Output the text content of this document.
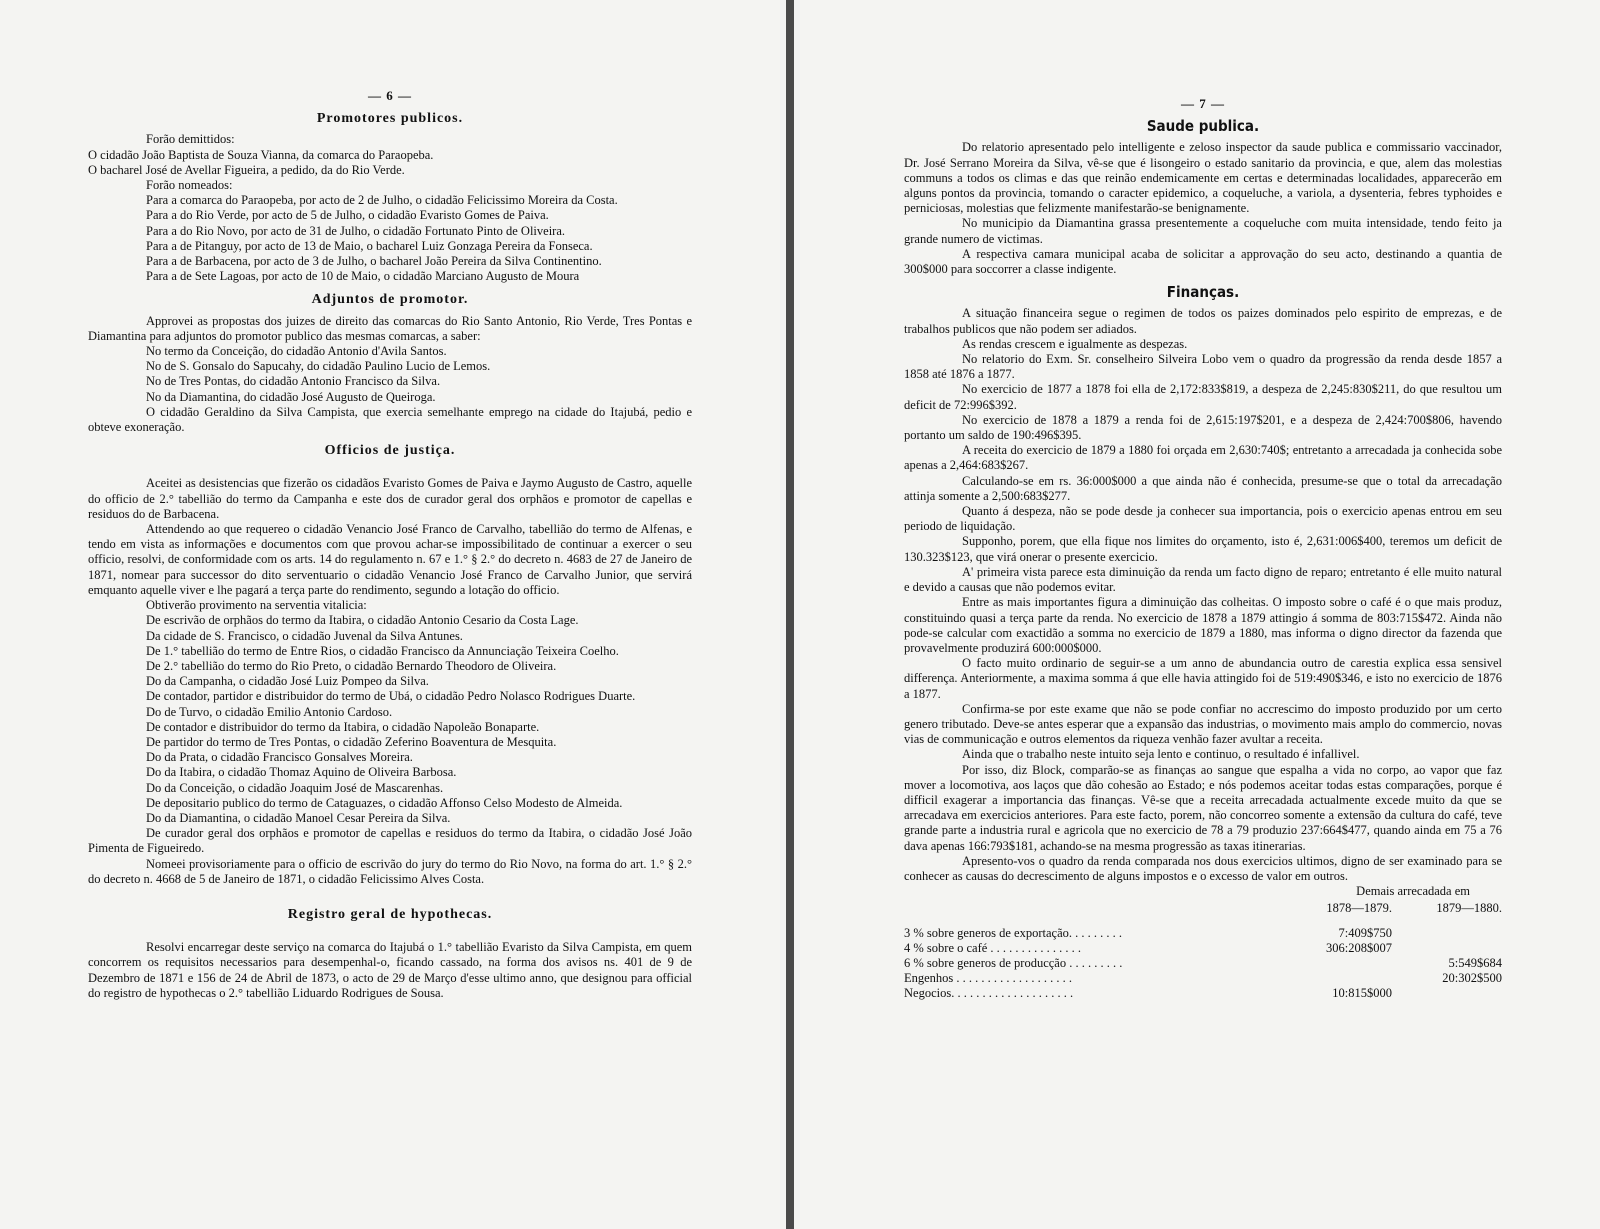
— 6 —
Promotores publicos.

Forão demittidos:

O cidadão João Baptista de Souza Vianna, da comarca do Paraopeba.

O bacharel José de Avellar Figueira, a pedido, da do Rio Verde.

Forão nomeados:

Para a comarca do Paraopeba, por acto de 2 de Julho, o cidadão Felicissimo Moreira da Costa.

Para a do Rio Verde, por acto de 5 de Julho, o cidadão Evaristo Gomes de Paiva.

Para a do Rio Novo, por acto de 31 de Julho, o cidadão Fortunato Pinto de Oliveira.

Para a de Pitanguy, por acto de 13 de Maio, o bacharel Luiz Gonzaga Pereira da Fonseca.

Para a de Barbacena, por acto de 3 de Julho, o bacharel João Pereira da Silva Continentino.

Para a de Sete Lagoas, por acto de 10 de Maio, o cidadão Marciano Augusto de Moura

Adjuntos de promotor.

Approvei as propostas dos juizes de direito das comarcas do Rio Santo Antonio, Rio Verde, Tres Pontas e Diamantina para adjuntos do promotor publico das mesmas comarcas, a saber:

No termo da Conceição, do cidadão Antonio d'Avila Santos.

No de S. Gonsalo do Sapucahy, do cidadão Paulino Lucio de Lemos.

No de Tres Pontas, do cidadão Antonio Francisco da Silva.

No da Diamantina, do cidadão José Augusto de Queiroga.

O cidadão Geraldino da Silva Campista, que exercia semelhante emprego na cidade do Itajubá, pedio e obteve exoneração.

Officios de justiça.

Aceitei as desistencias que fizerão os cidadãos Evaristo Gomes de Paiva e Jaymo Augusto de Castro, aquelle do officio de 2.° tabellião do termo da Campanha e este dos de curador geral dos orphãos e promotor de capellas e residuos do de Barbacena.

Attendendo ao que requereo o cidadão Venancio José Franco de Carvalho, tabellião do termo de Alfenas, e tendo em vista as informações e documentos com que provou achar-se impossibilitado de continuar a exercer o seu officio, resolvi, de conformidade com os arts. 14 do regulamento n. 67 e 1.° § 2.° do decreto n. 4683 de 27 de Janeiro de 1871, nomear para successor do dito serventuario o cidadão Venancio José Franco de Carvalho Junior, que servirá emquanto aquelle viver e lhe pagará a terça parte do rendimento, segundo a lotação do officio.

Obtiverão provimento na serventia vitalicia:

De escrivão de orphãos do termo da Itabira, o cidadão Antonio Cesario da Costa Lage.

Da cidade de S. Francisco, o cidadão Juvenal da Silva Antunes.

De 1.° tabellião do termo de Entre Rios, o cidadão Francisco da Annunciação Teixeira Coelho.

De 2.° tabellião do termo do Rio Preto, o cidadão Bernardo Theodoro de Oliveira.

Do da Campanha, o cidadão José Luiz Pompeo da Silva.

De contador, partidor e distribuidor do termo de Ubá, o cidadão Pedro Nolasco Rodrigues Duarte.

Do de Turvo, o cidadão Emilio Antonio Cardoso.

De contador e distribuidor do termo da Itabira, o cidadão Napoleão Bonaparte.

De partidor do termo de Tres Pontas, o cidadão Zeferino Boaventura de Mesquita.

Do da Prata, o cidadão Francisco Gonsalves Moreira.

Do da Itabira, o cidadão Thomaz Aquino de Oliveira Barbosa.

Do da Conceição, o cidadão Joaquim José de Mascarenhas.

De depositario publico do termo de Cataguazes, o cidadão Affonso Celso Modesto de Almeida.

Do da Diamantina, o cidadão Manoel Cesar Pereira da Silva.

De curador geral dos orphãos e promotor de capellas e residuos do termo da Itabira, o cidadão José João Pimenta de Figueiredo.

Nomeei provisoriamente para o officio de escrivão do jury do termo do Rio Novo, na forma do art. 1.° § 2.° do decreto n. 4668 de 5 de Janeiro de 1871, o cidadão Felicissimo Alves Costa.

Registro geral de hypothecas.

Resolvi encarregar deste serviço na comarca do Itajubá o 1.° tabellião Evaristo da Silva Campista, em quem concorrem os requisitos necessarios para desempenhal-o, ficando cassado, na forma dos avisos ns. 401 de 9 de Dezembro de 1871 e 156 de 24 de Abril de 1873, o acto de 29 de Março d'esse ultimo anno, que designou para official do registro de hypothecas o 2.° tabellião Liduardo Rodrigues de Sousa.

— 7 —
Saude publica.

Do relatorio apresentado pelo intelligente e zeloso inspector da saude publica e commissario vaccinador, Dr. José Serrano Moreira da Silva, vê-se que é lisongeiro o estado sanitario da provincia, e que, alem das molestias communs a todos os climas e das que reinão endemicamente em certas e determinadas localidades, apparecerão em alguns pontos da provincia, tomando o caracter epidemico, a coqueluche, a variola, a dysenteria, febres typhoides e perniciosas, molestias que felizmente manifestarão-se benignamente.

No municipio da Diamantina grassa presentemente a coqueluche com muita intensidade, tendo feito ja grande numero de victimas.

A respectiva camara municipal acaba de solicitar a approvação do seu acto, destinando a quantia de 300$000 para soccorrer a classe indigente.

Finanças.

A situação financeira segue o regimen de todos os paizes dominados pelo espirito de emprezas, e de trabalhos publicos que não podem ser adiados.

As rendas crescem e igualmente as despezas.

No relatorio do Exm. Sr. conselheiro Silveira Lobo vem o quadro da progressão da renda desde 1857 a 1858 até 1876 a 1877.

No exercicio de 1877 a 1878 foi ella de 2,172:833$819, a despeza de 2,245:830$211, do que resultou um deficit de 72:996$392.

No exercicio de 1878 a 1879 a renda foi de 2,615:197$201, e a despeza de 2,424:700$806, havendo portanto um saldo de 190:496$395.

A receita do exercicio de 1879 a 1880 foi orçada em 2,630:740$; entretanto a arrecadada ja conhecida sobe apenas a 2,464:683$267.

Calculando-se em rs. 36:000$000 a que ainda não é conhecida, presume-se que o total da arrecadação attinja somente a 2,500:683$277.

Quanto á despeza, não se pode desde ja conhecer sua importancia, pois o exercicio apenas entrou em seu periodo de liquidação.

Supponho, porem, que ella fique nos limites do orçamento, isto é, 2,631:006$400, teremos um deficit de 130.323$123, que virá onerar o presente exercicio.

A' primeira vista parece esta diminuição da renda um facto digno de reparo; entretanto é elle muito natural e devido a causas que não podemos evitar.

Entre as mais importantes figura a diminuição das colheitas. O imposto sobre o café é o que mais produz, constituindo quasi a terça parte da renda. No exercicio de 1878 a 1879 attingio á somma de 803:715$472. Ainda não pode-se calcular com exactidão a somma no exercicio de 1879 a 1880, mas informa o digno director da fazenda que provavelmente produzirá 600:000$000.

O facto muito ordinario de seguir-se a um anno de abundancia outro de carestia explica essa sensivel differença. Anteriormente, a maxima somma á que elle havia attingido foi de 519:490$346, e isto no exercicio de 1876 a 1877.

Confirma-se por este exame que não se pode confiar no accrescimo do imposto produzido por um certo genero tributado. Deve-se antes esperar que a expansão das industrias, o movimento mais amplo do commercio, novas vias de communicação e outros elementos da riqueza venhão fazer avultar a receita.

Ainda que o trabalho neste intuito seja lento e continuo, o resultado é infallivel.

Por isso, diz Block, comparão-se as finanças ao sangue que espalha a vida no corpo, ao vapor que faz mover a locomotiva, aos laços que dão cohesão ao Estado; e nós podemos aceitar todas estas comparações, porque é difficil exagerar a importancia das finanças. Vê-se que a receita arrecadada actualmente excede muito da que se arrecadava em exercicios anteriores. Para este facto, porem, não concorreo somente a extensão da cultura do café, teve grande parte a industria rural e agricola que no exercicio de 78 a 79 produzio 237:664$477, quando ainda em 75 a 76 dava apenas 166:793$181, achando-se na mesma progressão as taxas itinerarias.

Apresento-vos o quadro da renda comparada nos dous exercicios ultimos, digno de ser examinado para se conhecer as causas do decrescimento de alguns impostos e o excesso de valor em outros.

Demais arrecadada em
	1878—1879.	1879—1880.

3 % sobre generos de exportação. . . . . . . . .	7:409$750	
4 % sobre o café . . . . . . . . . . . . . . .	306:208$007	
6 % sobre generos de producção . . . . . . . . .		5:549$684
Engenhos . . . . . . . . . . . . . . . . . . .		20:302$500
Negocios. . . . . . . . . . . . . . . . . . . .	10:815$000	
